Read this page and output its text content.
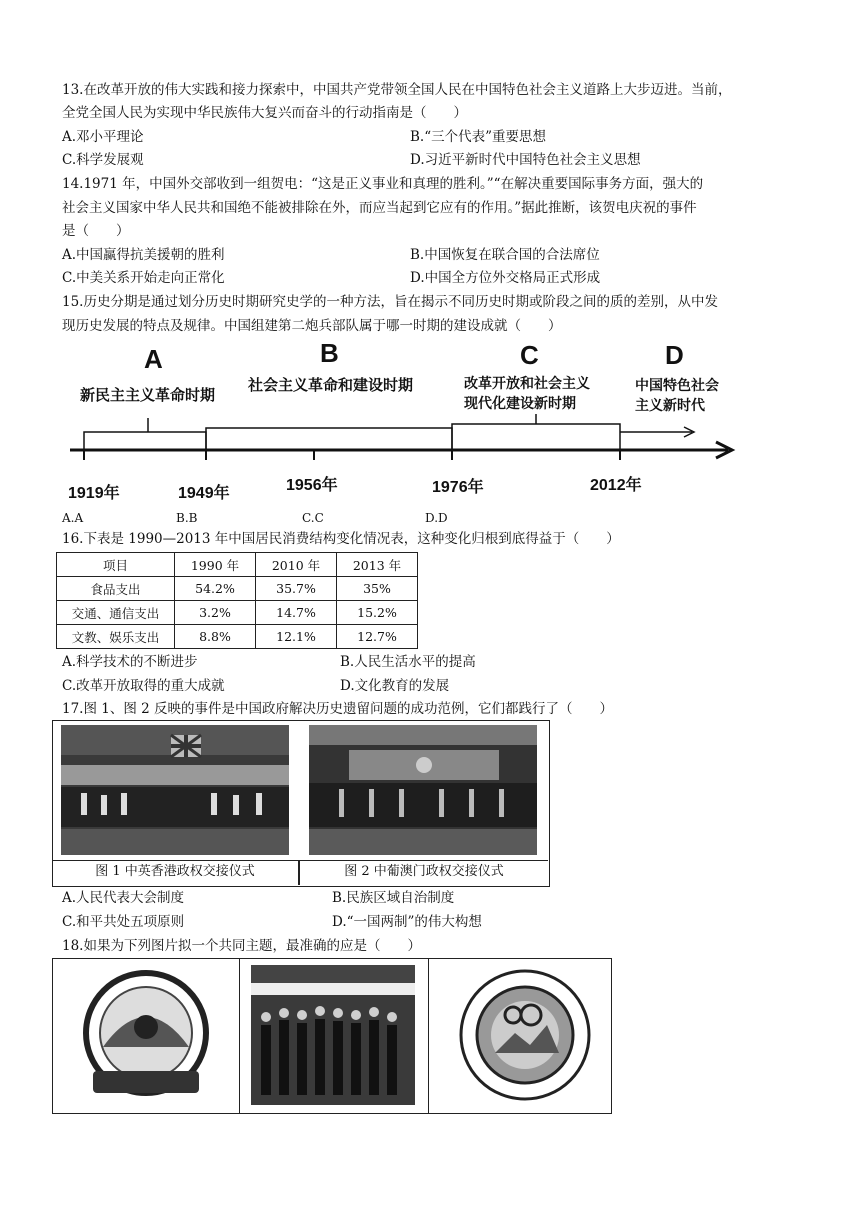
13.在改革开放的伟大实践和接力探索中，中国共产党带领全国人民在中国特色社会主义道路上大步迈进。当前，
全党全国人民为实现中华民族伟大复兴而奋斗的行动指南是（　　）
A.邓小平理论	B.“三个代表”重要思想
C.科学发展观	D.习近平新时代中国特色社会主义思想
14.1971 年，中国外交部收到一组贺电：“这是正义事业和真理的胜利。”“在解决重要国际事务方面，强大的
社会主义国家中华人民共和国绝不能被排除在外，而应当起到它应有的作用。”据此推断，该贺电庆祝的事件
是（　　）
A.中国赢得抗美援朝的胜利	B.中国恢复在联合国的合法席位
C.中美关系开始走向正常化	D.中国全方位外交格局正式形成
15.历史分期是通过划分历史时期研究史学的一种方法，旨在揭示不同历史时期或阶段之间的质的差别，从中发
现历史发展的特点及规律。中国组建第二炮兵部队属于哪一时期的建设成就（　　）
A	B	C	D
新民主主义革命时期
社会主义革命和建设时期	改革开放和社会主义
现代化建设新时期
中国特色社会
主义新时代
1919年	1949年	1956年	1976年	2012年
A.A	B.B	C.C	D.D
16.下表是 1990—2013 年中国居民消费结构变化情况表，这种变化归根到底得益于（　　）
项目	1990 年	2010 年	2013 年
食品支出	54.2%	35.7%	35%
交通、通信支出	3.2%	14.7%	15.2%
文教、娱乐支出	8.8%	12.1%	12.7%
A.科学技术的不断进步	B.人民生活水平的提高
C.改革开放取得的重大成就	D.文化教育的发展
17.图 1、图 2 反映的事件是中国政府解决历史遗留问题的成功范例，它们都践行了（　　）
图 1 中英香港政权交接仪式	图 2 中葡澳门政权交接仪式
A.人民代表大会制度	B.民族区域自治制度
C.和平共处五项原则	D.“一国两制”的伟大构想
18.如果为下列图片拟一个共同主题，最准确的应是（　　）
